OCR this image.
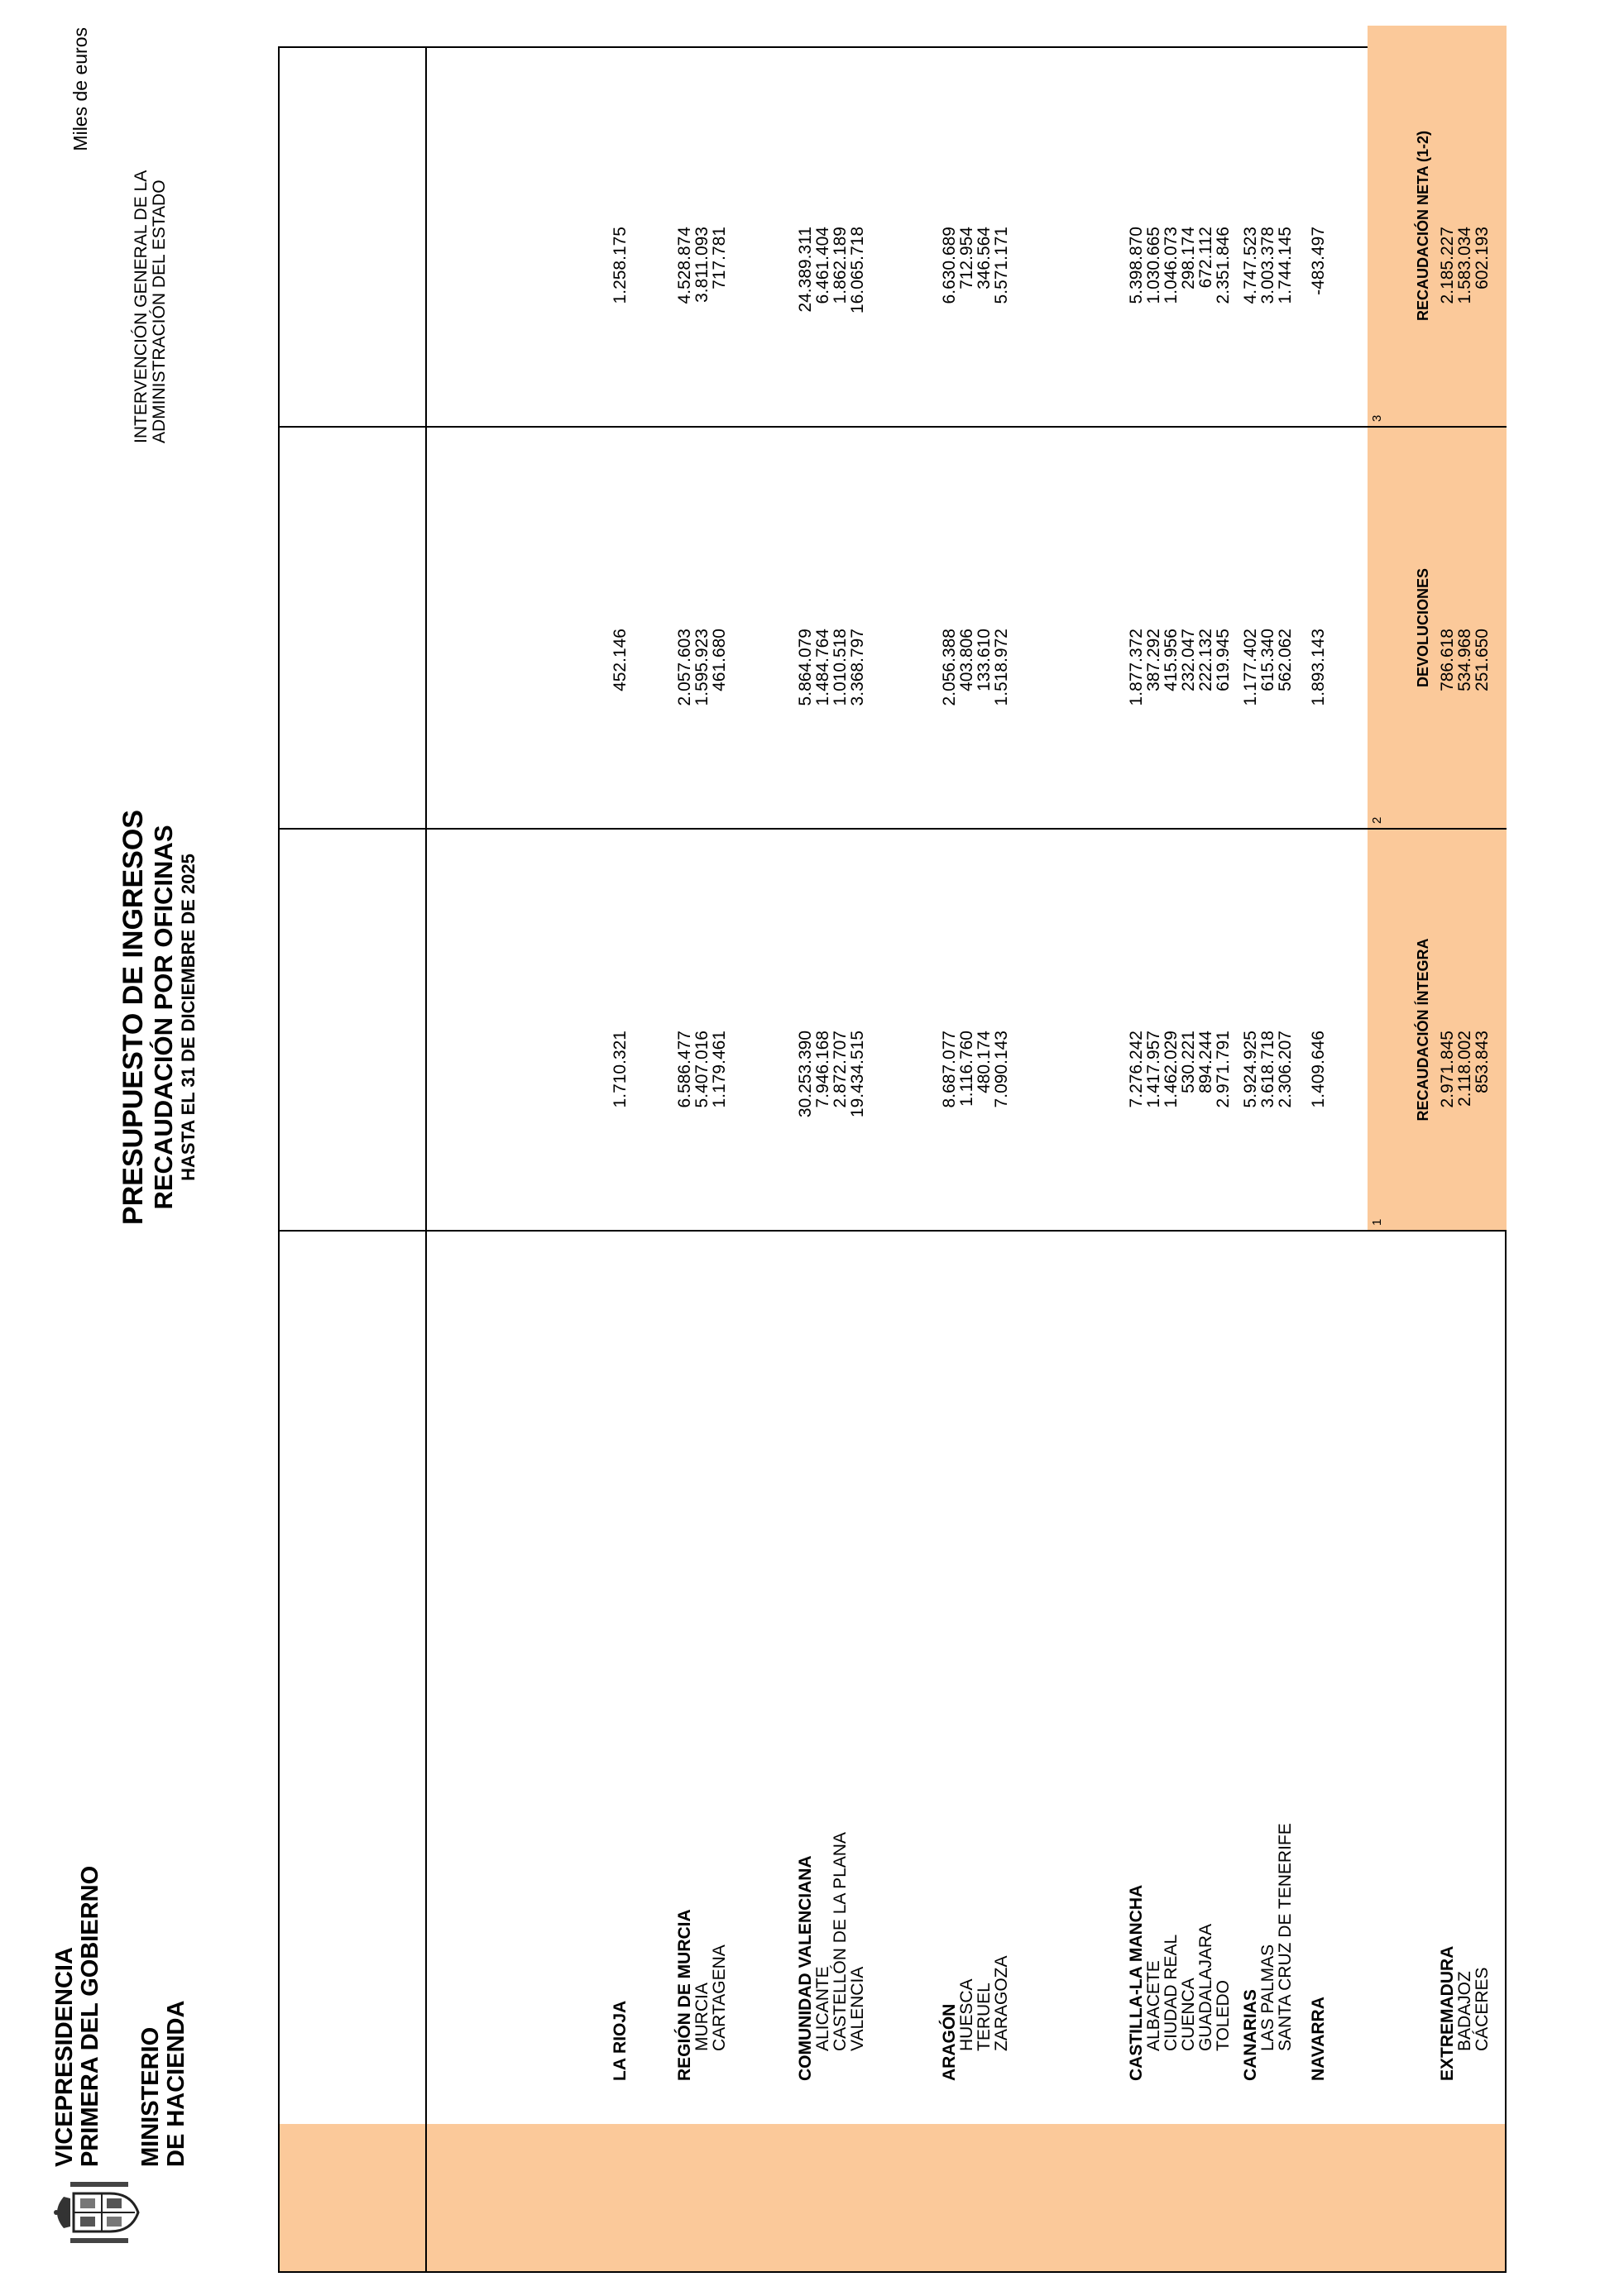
VICEPRESIDENCIA PRIMERA DEL GOBIERNO MINISTERIO DE HACIENDA
PRESUPUESTO DE INGRESOS RECAUDACIÓN POR OFICINAS HASTA EL 31 DE DICIEMBRE DE 2025
INTERVENCIÓN GENERAL DE LA ADMINISTRACIÓN DEL ESTADO
Miles de euros
RECAUDACIÓN ÍNTEGRA
DEVOLUCIONES
RECAUDACIÓN NETA (1-2)
1
2
3
LA RIOJA
1.710.321
452.146
1.258.175
REGIÓN DE MURCIA
6.586.477
2.057.603
4.528.874
MURCIA
5.407.016
1.595.923
3.811.093
CARTAGENA
1.179.461
461.680
717.781
COMUNIDAD VALENCIANA
30.253.390
5.864.079
24.389.311
ALICANTE
7.946.168
1.484.764
6.461.404
CASTELLÓN DE LA PLANA
2.872.707
1.010.518
1.862.189
VALENCIA
19.434.515
3.368.797
16.065.718
ARAGÓN
8.687.077
2.056.388
6.630.689
HUESCA
1.116.760
403.806
712.954
TERUEL
480.174
133.610
346.564
ZARAGOZA
7.090.143
1.518.972
5.571.171
CASTILLA-LA MANCHA
7.276.242
1.877.372
5.398.870
ALBACETE
1.417.957
387.292
1.030.665
CIUDAD REAL
1.462.029
415.956
1.046.073
CUENCA
530.221
232.047
298.174
GUADALAJARA
894.244
222.132
672.112
TOLEDO
2.971.791
619.945
2.351.846
CANARIAS
5.924.925
1.177.402
4.747.523
LAS PALMAS
3.618.718
615.340
3.003.378
SANTA CRUZ DE TENERIFE
2.306.207
562.062
1.744.145
NAVARRA
1.409.646
1.893.143
-483.497
EXTREMADURA
2.971.845
786.618
2.185.227
BADAJOZ
2.118.002
534.968
1.583.034
CÁCERES
853.843
251.650
602.193
